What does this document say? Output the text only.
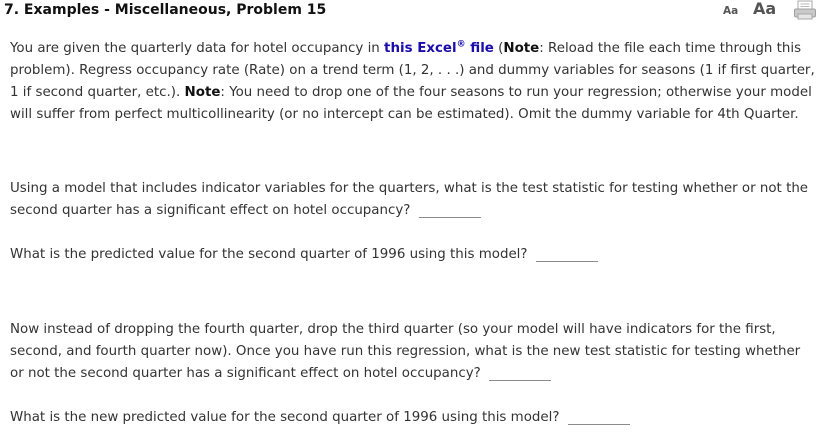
7. Examples - Miscellaneous, Problem 15	Aa Aa

You are given the quarterly data for hotel occupancy in this Excel® file (Note: Reload the file each time through this problem). Regress occupancy rate (Rate) on a trend term (1, 2, . . .) and dummy variables for seasons (1 if first quarter, 1 if second quarter, etc.). Note: You need to drop one of the four seasons to run your regression; otherwise your model will suffer from perfect multicollinearity (or no intercept can be estimated). Omit the dummy variable for 4th Quarter.

Using a model that includes indicator variables for the quarters, what is the test statistic for testing whether or not the second quarter has a significant effect on hotel occupancy?

What is the predicted value for the second quarter of 1996 using this model?

Now instead of dropping the fourth quarter, drop the third quarter (so your model will have indicators for the first, second, and fourth quarter now). Once you have run this regression, what is the new test statistic for testing whether or not the second quarter has a significant effect on hotel occupancy?

What is the new predicted value for the second quarter of 1996 using this model?
